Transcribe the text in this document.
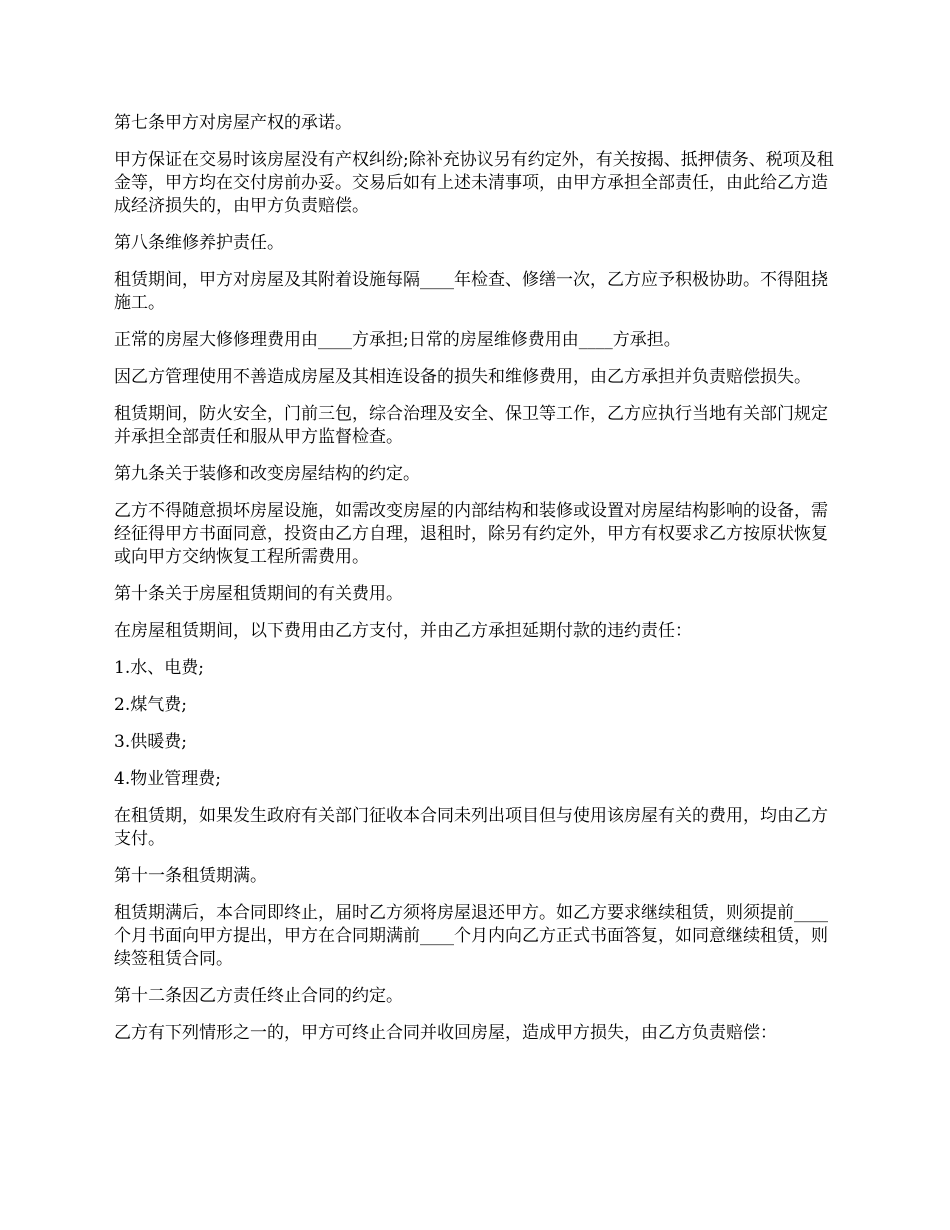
第七条甲方对房屋产权的承诺。

甲方保证在交易时该房屋没有产权纠纷;除补充协议另有约定外，有关按揭、抵押债务、税项及租金等，甲方均在交付房前办妥。交易后如有上述未清事项，由甲方承担全部责任，由此给乙方造成经济损失的，由甲方负责赔偿。

第八条维修养护责任。

租赁期间，甲方对房屋及其附着设施每隔____年检查、修缮一次，乙方应予积极协助。不得阻挠施工。

正常的房屋大修修理费用由____方承担;日常的房屋维修费用由____方承担。

因乙方管理使用不善造成房屋及其相连设备的损失和维修费用，由乙方承担并负责赔偿损失。

租赁期间，防火安全，门前三包，综合治理及安全、保卫等工作，乙方应执行当地有关部门规定并承担全部责任和服从甲方监督检查。

第九条关于装修和改变房屋结构的约定。

乙方不得随意损坏房屋设施，如需改变房屋的内部结构和装修或设置对房屋结构影响的设备，需经征得甲方书面同意，投资由乙方自理，退租时，除另有约定外，甲方有权要求乙方按原状恢复或向甲方交纳恢复工程所需费用。

第十条关于房屋租赁期间的有关费用。

在房屋租赁期间，以下费用由乙方支付，并由乙方承担延期付款的违约责任：

1.水、电费;

2.煤气费;

3.供暖费;

4.物业管理费;

在租赁期，如果发生政府有关部门征收本合同未列出项目但与使用该房屋有关的费用，均由乙方支付。

第十一条租赁期满。

租赁期满后，本合同即终止，届时乙方须将房屋退还甲方。如乙方要求继续租赁，则须提前____个月书面向甲方提出，甲方在合同期满前____个月内向乙方正式书面答复，如同意继续租赁，则续签租赁合同。

第十二条因乙方责任终止合同的约定。

乙方有下列情形之一的，甲方可终止合同并收回房屋，造成甲方损失，由乙方负责赔偿：
